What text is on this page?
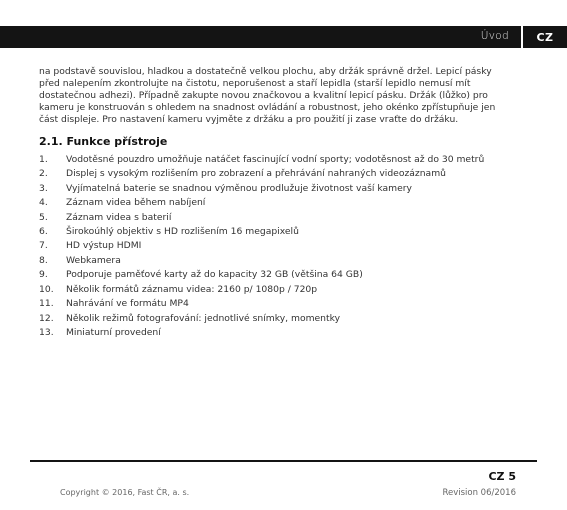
Úvod	CZ

na podstavě souvislou, hladkou a dostatečně velkou plochu, aby držák správně držel. Lepicí pásky před nalepením zkontrolujte na čistotu, neporušenost a staří lepidla (starší lepidlo nemusí mít dostatečnou adhezi). Případně zakupte novou značkovou a kvalitní lepicí pásku. Držák (lůžko) pro kameru je konstruován s ohledem na snadnost ovládání a robustnost, jeho okénko zpřístupňuje jen část displeje. Pro nastavení kameru vyjměte z držáku a pro použití ji zase vraťte do držáku.

2.1. Funkce přístroje
1.	Vodotěsné pouzdro umožňuje natáčet fascinující vodní sporty; vodotěsnost až do 30 metrů
2.	Displej s vysokým rozlišením pro zobrazení a přehrávání nahraných videozáznamů
3.	Vyjímatelná baterie se snadnou výměnou prodlužuje životnost vaší kamery
4.	Záznam videa během nabíjení
5.	Záznam videa s baterií
6.	Širokoúhlý objektiv s HD rozlišením 16 megapixelů
7.	HD výstup HDMI
8.	Webkamera
9.	Podporuje paměťové karty až do kapacity 32 GB (většina 64 GB)
10.	Několik formátů záznamu videa: 2160 p/ 1080p / 720p
11.	Nahrávání ve formátu MP4
12.	Několik režimů fotografování: jednotlivé snímky, momentky
13.	Miniaturní provedení
CZ 5
Copyright © 2016, Fast ČR, a. s.	Revision 06/2016
